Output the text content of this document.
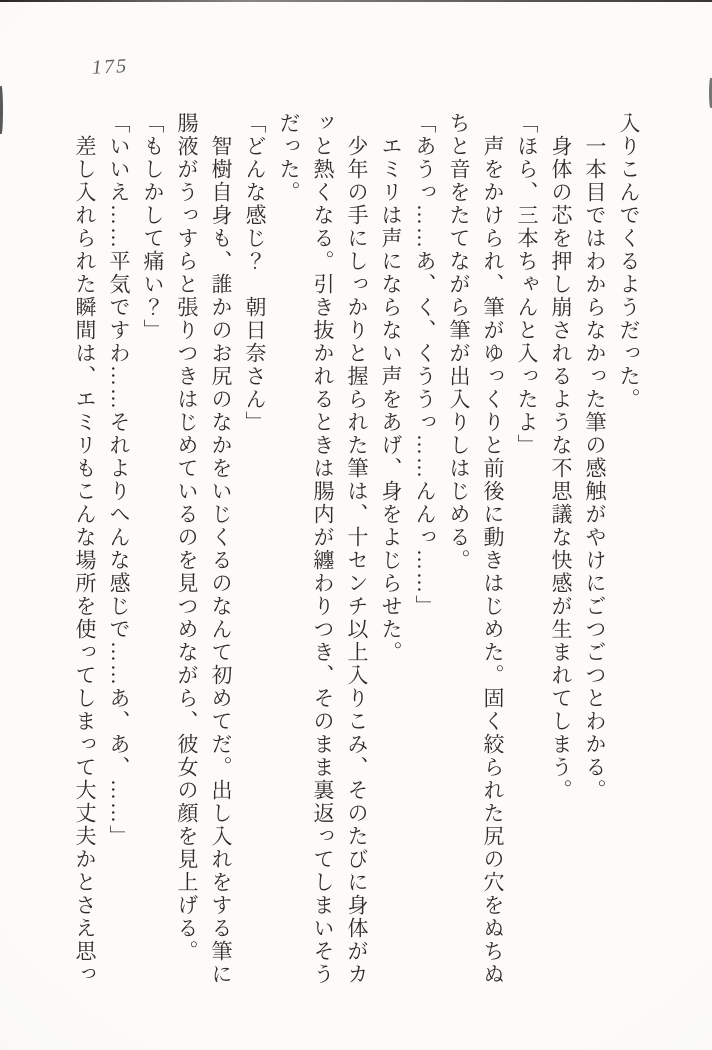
175

入りこんでくるようだった。

一本目ではわからなかった筆の感触がやけにごつごつとわかる。

身体の芯を押し崩されるような不思議な快感が生まれてしまう。

「ほら、三本ちゃんと入ったよ」

声をかけられ、筆がゆっくりと前後に動きはじめた。固く絞られた尻の穴をぬちぬちと音をたてながら筆が出入りしはじめる。

「あうっ……あ、く、くううっ……んんっ……」

エミリは声にならない声をあげ、身をよじらせた。

少年の手にしっかりと握られた筆は、十センチ以上入りこみ、そのたびに身体がカッと熱くなる。引き抜かれるときは腸内が纏わりつき、そのまま裏返ってしまいそうだった。

「どんな感じ？　朝日奈さん」

智樹自身も、誰かのお尻のなかをいじくるのなんて初めてだ。出し入れをする筆に腸液がうっすらと張りつきはじめているのを見つめながら、彼女の顔を見上げる。

「もしかして痛い？」

「いいえ……平気ですわ……それよりへんな感じで……あ、あ、……」

差し入れられた瞬間は、エミリもこんな場所を使ってしまって大丈夫かとさえ思っ
